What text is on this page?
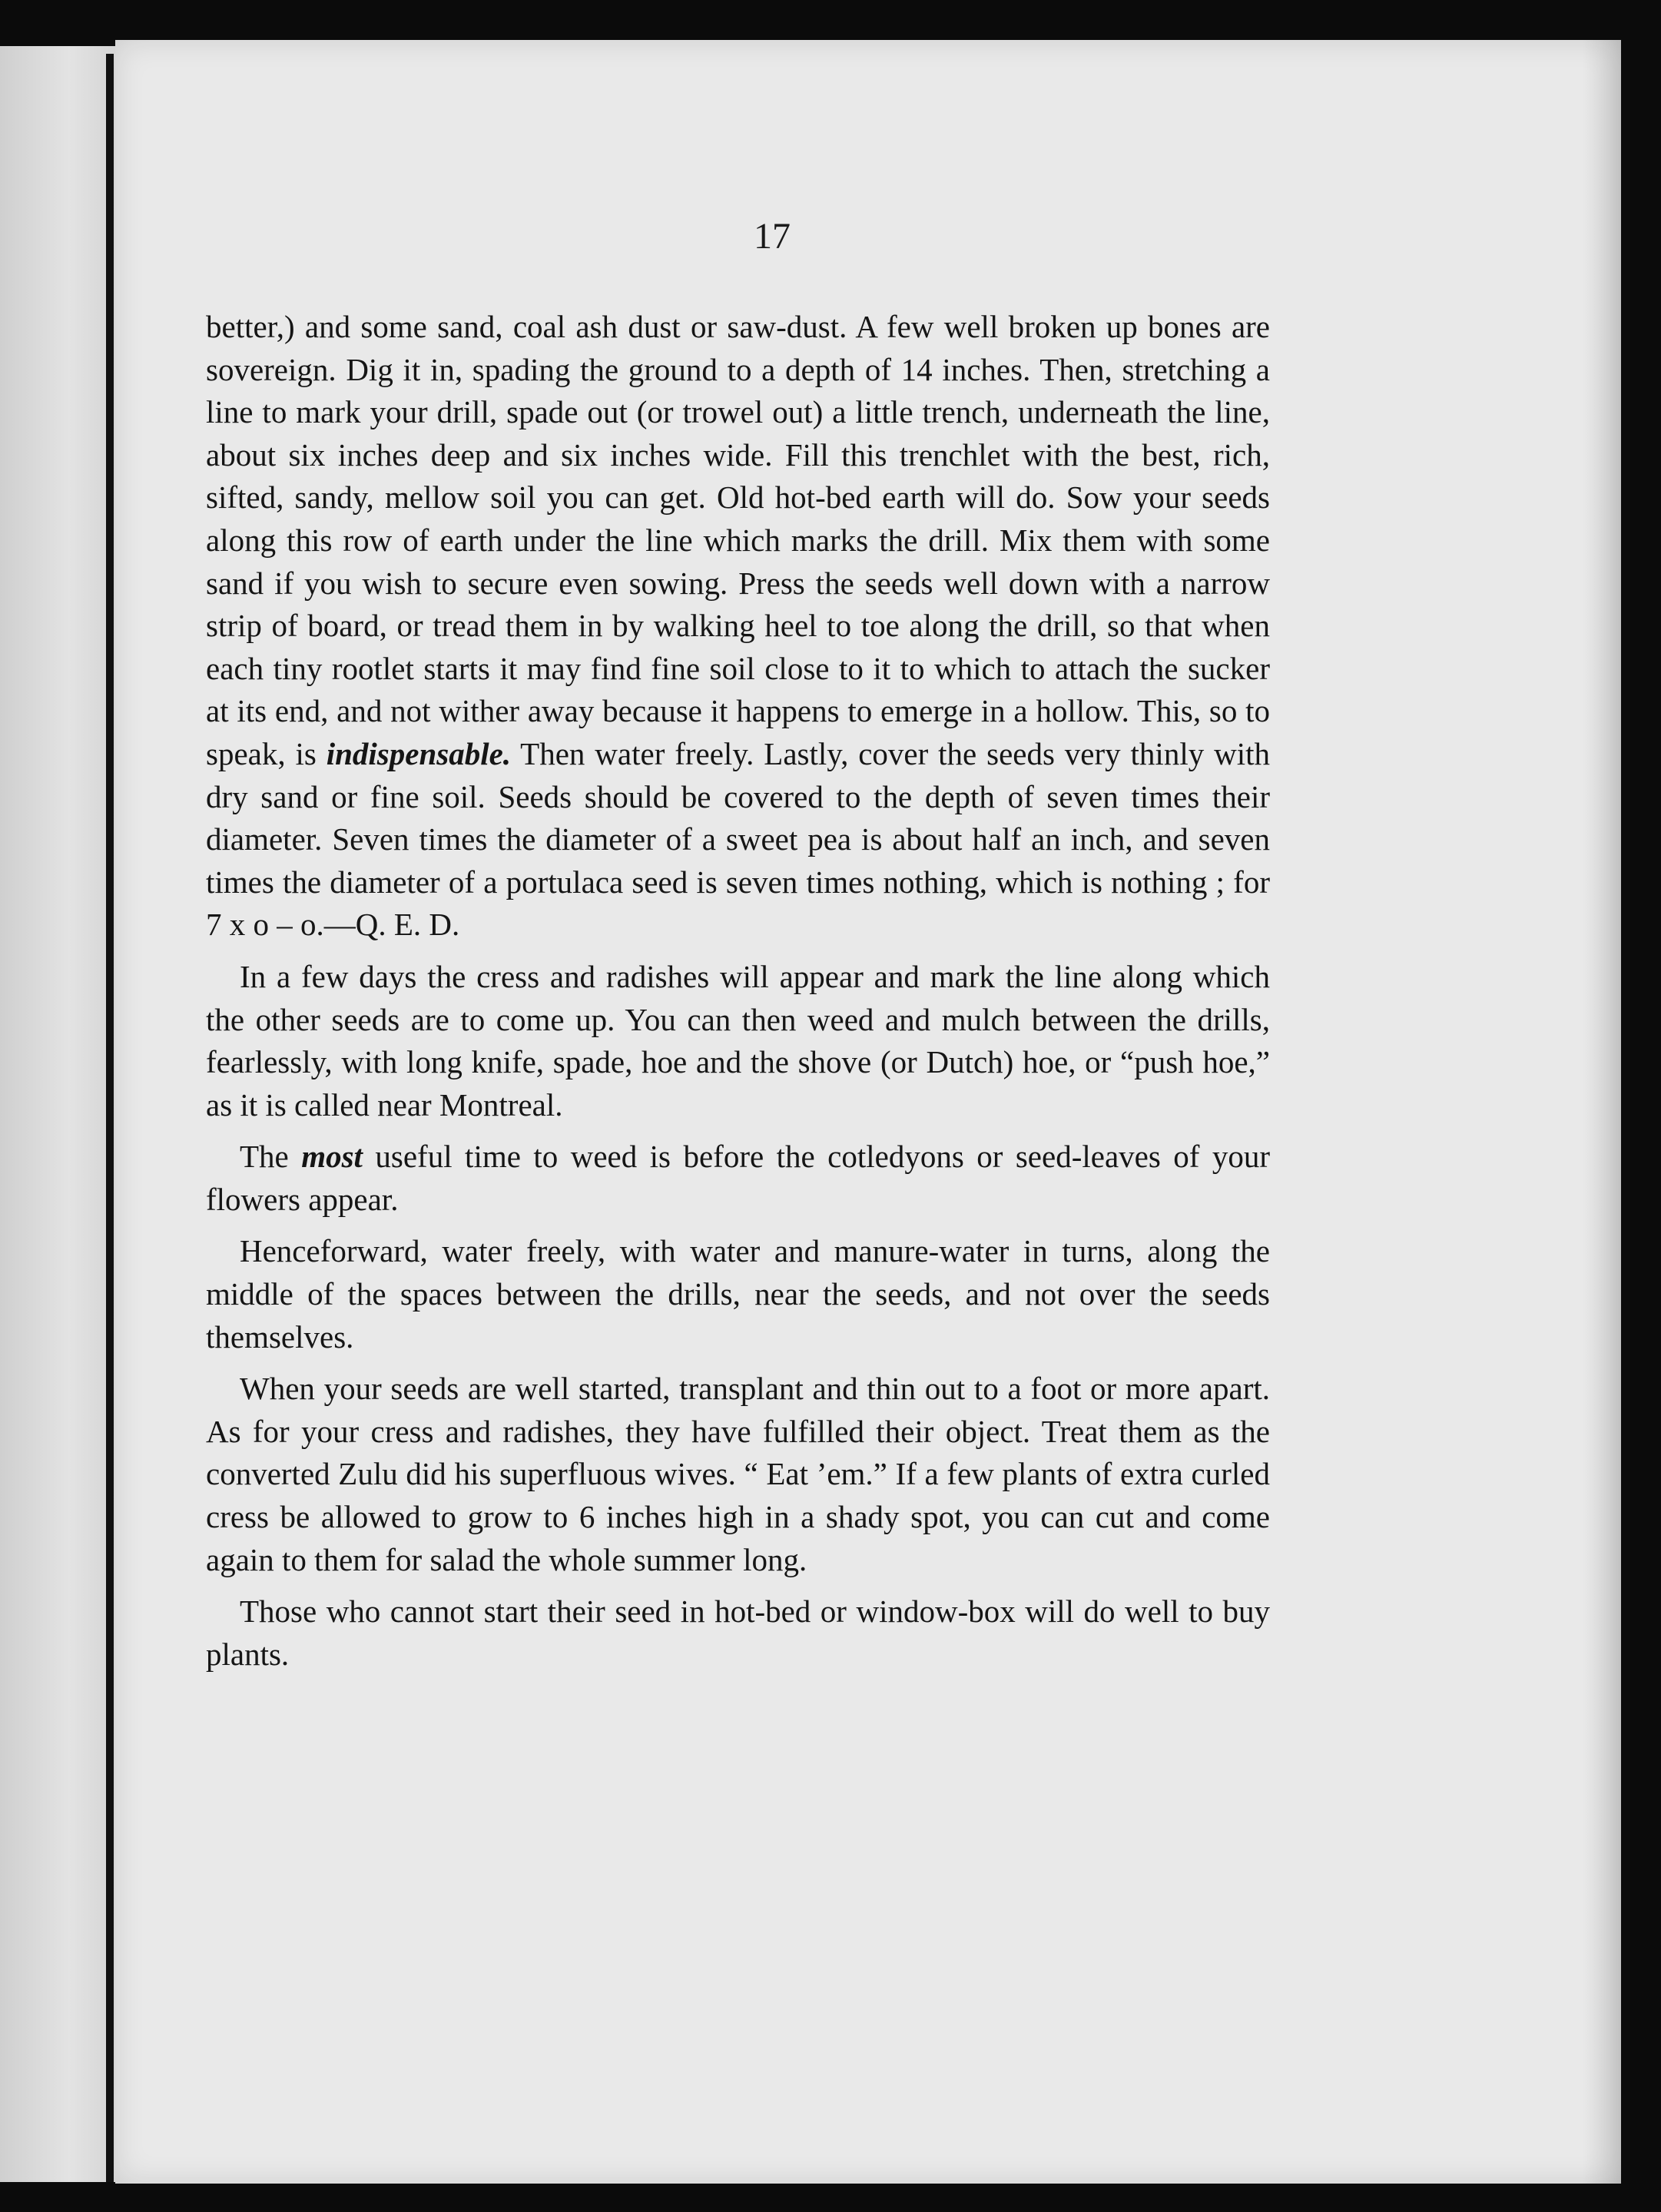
17

better,) and some sand, coal ash dust or saw-dust. A few well broken up bones are sovereign. Dig it in, spading the ground to a depth of 14 inches. Then, stretching a line to mark your drill, spade out (or trowel out) a little trench, underneath the line, about six inches deep and six inches wide. Fill this trenchlet with the best, rich, sifted, sandy, mellow soil you can get. Old hot-bed earth will do. Sow your seeds along this row of earth under the line which marks the drill. Mix them with some sand if you wish to secure even sowing. Press the seeds well down with a narrow strip of board, or tread them in by walking heel to toe along the drill, so that when each tiny rootlet starts it may find fine soil close to it to which to attach the sucker at its end, and not wither away because it happens to emerge in a hollow. This, so to speak, is indispensable. Then water freely. Lastly, cover the seeds very thinly with dry sand or fine soil. Seeds should be covered to the depth of seven times their diameter. Seven times the diameter of a sweet pea is about half an inch, and seven times the diameter of a portulaca seed is seven times nothing, which is nothing ; for 7 x o – o.—Q. E. D.

In a few days the cress and radishes will appear and mark the line along which the other seeds are to come up. You can then weed and mulch between the drills, fearlessly, with long knife, spade, hoe and the shove (or Dutch) hoe, or “push hoe,” as it is called near Montreal.

The most useful time to weed is before the cotledyons or seed-leaves of your flowers appear.

Henceforward, water freely, with water and manure-water in turns, along the middle of the spaces between the drills, near the seeds, and not over the seeds themselves.

When your seeds are well started, transplant and thin out to a foot or more apart. As for your cress and radishes, they have fulfilled their object. Treat them as the converted Zulu did his superfluous wives. “ Eat ’em.” If a few plants of extra curled cress be allowed to grow to 6 inches high in a shady spot, you can cut and come again to them for salad the whole summer long.

Those who cannot start their seed in hot-bed or window-box will do well to buy plants.
